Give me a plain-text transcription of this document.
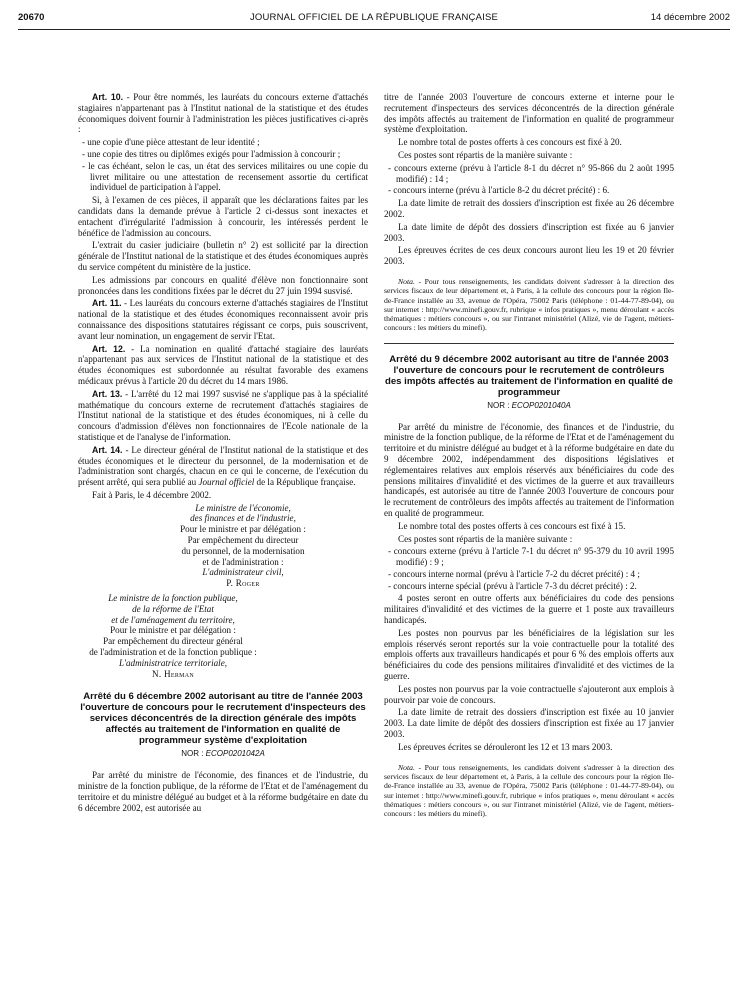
20670	JOURNAL OFFICIEL DE LA RÉPUBLIQUE FRANÇAISE	14 décembre 2002

Art. 10. - Pour être nommés, les lauréats du concours externe d'attachés stagiaires n'appartenant pas à l'Institut national de la statistique et des études économiques doivent fournir à l'administration les pièces justificatives ci-après :

- une copie d'une pièce attestant de leur identité ;
- une copie des titres ou diplômes exigés pour l'admission à concourir ;
- le cas échéant, selon le cas, un état des services militaires ou une copie du livret militaire ou une attestation de recensement assortie du certificat individuel de participation à l'appel.

Si, à l'examen de ces pièces, il apparaît que les déclarations faites par les candidats dans la demande prévue à l'article 2 ci-dessus sont inexactes et entachent d'irrégularité l'admission à concourir, les intéressés perdent le bénéfice de l'admission au concours.

L'extrait du casier judiciaire (bulletin n° 2) est sollicité par la direction générale de l'Institut national de la statistique et des études économiques auprès du service compétent du ministère de la justice.

Les admissions par concours en qualité d'élève non fonctionnaire sont prononcées dans les conditions fixées par le décret du 27 juin 1994 susvisé.

Art. 11. - Les lauréats du concours externe d'attachés stagiaires de l'Institut national de la statistique et des études économiques reconnaissent avoir pris connaissance des dispositions statutaires régissant ce corps, puis souscrivent, avant leur nomination, un engagement de servir l'Etat.

Art. 12. - La nomination en qualité d'attaché stagiaire des lauréats n'appartenant pas aux services de l'Institut national de la statistique et des études économiques est subordonnée au résultat favorable des examens médicaux prévus à l'article 20 du décret du 14 mars 1986.

Art. 13. - L'arrêté du 12 mai 1997 susvisé ne s'applique pas à la spécialité mathématique du concours externe de recrutement d'attachés stagiaires de l'Institut national de la statistique et des études économiques, ni à celle du concours d'admission d'élèves non fonctionnaires de l'Ecole nationale de la statistique et de l'analyse de l'information.

Art. 14. - Le directeur général de l'Institut national de la statistique et des études économiques et le directeur du personnel, de la modernisation et de l'administration sont chargés, chacun en ce qui le concerne, de l'exécution du présent arrêté, qui sera publié au Journal officiel de la République française.

Fait à Paris, le 4 décembre 2002.

Le ministre de l'économie,
des finances et de l'industrie,
Pour le ministre et par délégation :
Par empêchement du directeur
du personnel, de la modernisation
et de l'administration :
L'administrateur civil,
P. Roger
Le ministre de la fonction publique,
de la réforme de l'Etat
et de l'aménagement du territoire,
Pour le ministre et par délégation :
Par empêchement du directeur général
de l'administration et de la fonction publique :
L'administratrice territoriale,
N. Herman
Arrêté du 6 décembre 2002 autorisant au titre de l'année 2003 l'ouverture de concours pour le recrutement d'inspecteurs des services déconcentrés de la direction générale des impôts affectés au traitement de l'information en qualité de programmeur système d'exploitation
NOR : ECOP0201042A

Par arrêté du ministre de l'économie, des finances et de l'industrie, du ministre de la fonction publique, de la réforme de l'Etat et de l'aménagement du territoire et du ministre délégué au budget et à la réforme budgétaire en date du 6 décembre 2002, est autorisée au

titre de l'année 2003 l'ouverture de concours externe et interne pour le recrutement d'inspecteurs des services déconcentrés de la direction générale des impôts affectés au traitement de l'information en qualité de programmeur système d'exploitation.

Le nombre total de postes offerts à ces concours est fixé à 20.

Ces postes sont répartis de la manière suivante :

- concours externe (prévu à l'article 8-1 du décret n° 95-866 du 2 août 1995 modifié) : 14 ;
- concours interne (prévu à l'article 8-2 du décret précité) : 6.

La date limite de retrait des dossiers d'inscription est fixée au 26 décembre 2002.

La date limite de dépôt des dossiers d'inscription est fixée au 6 janvier 2003.

Les épreuves écrites de ces deux concours auront lieu les 19 et 20 février 2003.

Nota. - Pour tous renseignements, les candidats doivent s'adresser à la direction des services fiscaux de leur département et, à Paris, à la cellule des concours pour la région Ile-de-France installée au 33, avenue de l'Opéra, 75002 Paris (téléphone : 01-44-77-89-04), ou sur internet : http://www.minefi.gouv.fr, rubrique « infos pratiques », menu déroulant « accès thématiques : métiers concours », ou sur l'intranet ministériel (Alizé, vie de l'agent, métiers-concours : les métiers du minefi).

Arrêté du 9 décembre 2002 autorisant au titre de l'année 2003 l'ouverture de concours pour le recrutement de contrôleurs des impôts affectés au traitement de l'information en qualité de programmeur
NOR : ECOP0201040A

Par arrêté du ministre de l'économie, des finances et de l'industrie, du ministre de la fonction publique, de la réforme de l'Etat et de l'aménagement du territoire et du ministre délégué au budget et à la réforme budgétaire en date du 9 décembre 2002, indépendamment des dispositions législatives et réglementaires relatives aux emplois réservés aux bénéficiaires du code des pensions militaires d'invalidité et des victimes de la guerre et aux travailleurs handicapés, est autorisée au titre de l'année 2003 l'ouverture de concours pour le recrutement de contrôleurs des impôts affectés au traitement de l'information en qualité de programmeur.

Le nombre total des postes offerts à ces concours est fixé à 15.

Ces postes sont répartis de la manière suivante :

- concours externe (prévu à l'article 7-1 du décret n° 95-379 du 10 avril 1995 modifié) : 9 ;
- concours interne normal (prévu à l'article 7-2 du décret précité) : 4 ;
- concours interne spécial (prévu à l'article 7-3 du décret précité) : 2.

4 postes seront en outre offerts aux bénéficiaires du code des pensions militaires d'invalidité et des victimes de la guerre et 1 poste aux travailleurs handicapés.

Les postes non pourvus par les bénéficiaires de la législation sur les emplois réservés seront reportés sur la voie contractuelle pour la totalité des emplois offerts aux travailleurs handicapés et pour 6 % des emplois offerts aux bénéficiaires du code des pensions militaires d'invalidité et des victimes de la guerre.

Les postes non pourvus par la voie contractuelle s'ajouteront aux emplois à pourvoir par voie de concours.

La date limite de retrait des dossiers d'inscription est fixée au 10 janvier 2003. La date limite de dépôt des dossiers d'inscription est fixée au 17 janvier 2003.

Les épreuves écrites se dérouleront les 12 et 13 mars 2003.

Nota. - Pour tous renseignements, les candidats doivent s'adresser à la direction des services fiscaux de leur département et, à Paris, à la cellule des concours pour la région Ile-de-France installée au 33, avenue de l'Opéra, 75002 Paris (téléphone : 01-44-77-89-04), ou sur internet : http://www.minefi.gouv.fr, rubrique « infos pratiques », menu déroulant « accès thématiques : métiers concours », ou sur l'intranet ministériel (Alizé, vie de l'agent, métiers-concours : les métiers du minefi).
